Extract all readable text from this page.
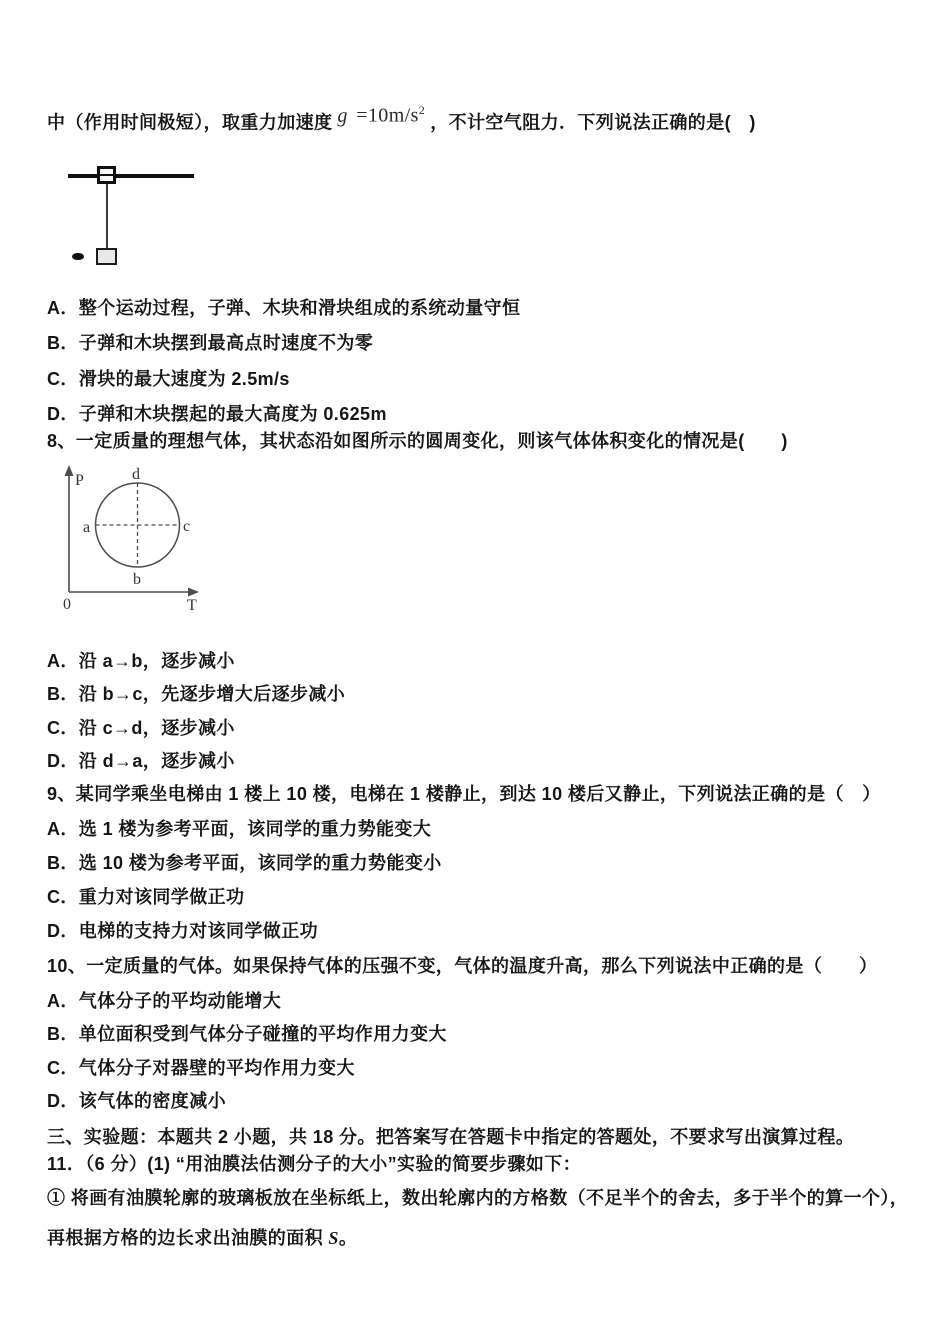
中（作用时间极短），取重力加速度 $g =10m/s^2$，不计空气阻力．下列说法正确的是(　)
A．整个运动过程，子弹、木块和滑块组成的系统动量守恒
B．子弹和木块摆到最高点时速度不为零
C．滑块的最大速度为 2.5m/s
D．子弹和木块摆起的最大高度为 0.625m
8、一定质量的理想气体，其状态沿如图所示的圆周变化，则该气体体积变化的情况是(　　)
P
0	T
a	c
d
b
A．沿 a→b，逐步减小
B．沿 b→c，先逐步增大后逐步减小
C．沿 c→d，逐步减小
D．沿 d→a，逐步减小
9、某同学乘坐电梯由 1 楼上 10 楼，电梯在 1 楼静止，到达 10 楼后又静止，下列说法正确的是（　）
A．选 1 楼为参考平面，该同学的重力势能变大
B．选 10 楼为参考平面，该同学的重力势能变小
C．重力对该同学做正功
D．电梯的支持力对该同学做正功
10、一定质量的气体。如果保持气体的压强不变，气体的温度升高，那么下列说法中正确的是（　　）
A．气体分子的平均动能增大
B．单位面积受到气体分子碰撞的平均作用力变大
C．气体分子对器壁的平均作用力变大
D．该气体的密度减小
三、实验题：本题共 2 小题，共 18 分。把答案写在答题卡中指定的答题处，不要求写出演算过程。
11．（6 分）(1) “用油膜法估测分子的大小”实验的简要步骤如下：
① 将画有油膜轮廓的玻璃板放在坐标纸上，数出轮廓内的方格数（不足半个的舍去，多于半个的算一个），再根据方格的边长求出油膜的面积 S。
